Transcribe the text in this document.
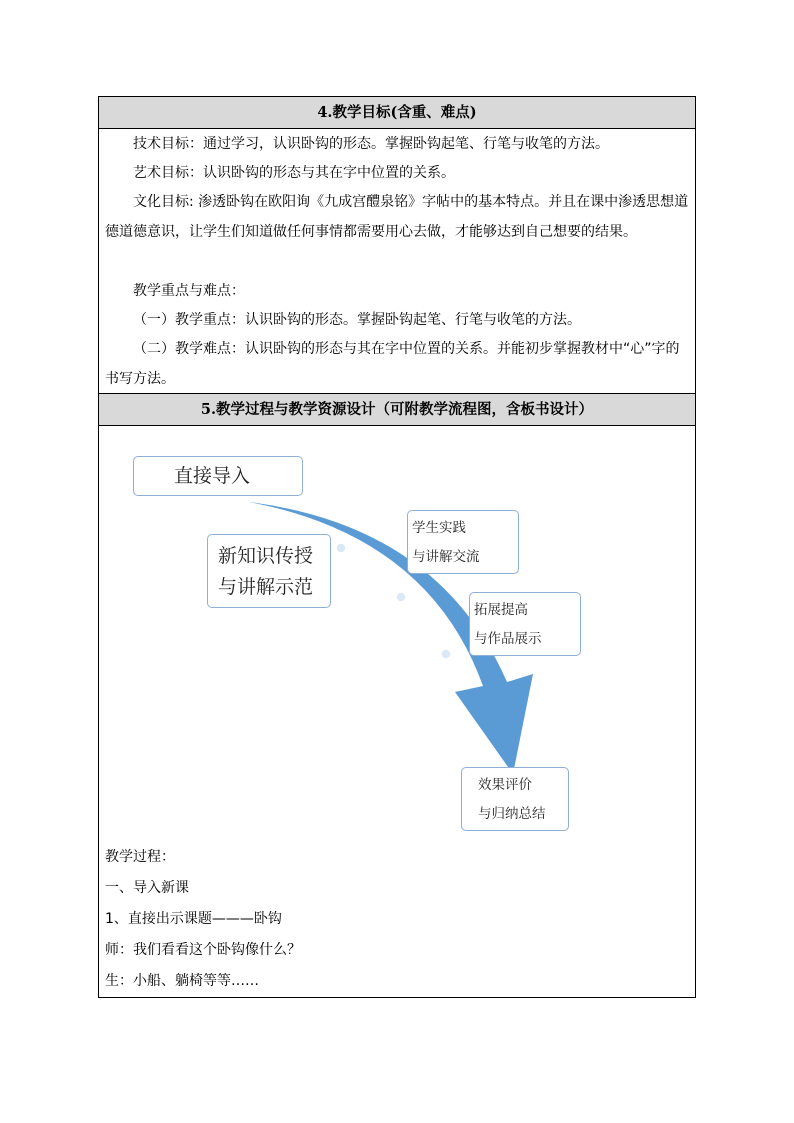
4.教学目标(含重、难点)
技术目标：通过学习，认识卧钩的形态。掌握卧钩起笔、行笔与收笔的方法。
艺术目标：认识卧钩的形态与其在字中位置的关系。
文化目标: 渗透卧钩在欧阳询《九成宫醴泉铭》字帖中的基本特点。并且在课中渗透思想道德道德意识，让学生们知道做任何事情都需要用心去做，才能够达到自己想要的结果。
教学重点与难点：
（一）教学重点：认识卧钩的形态。掌握卧钩起笔、行笔与收笔的方法。
（二）教学难点：认识卧钩的形态与其在字中位置的关系。并能初步掌握教材中“心”字的书写方法。
5.教学过程与教学资源设计（可附教学流程图，含板书设计）
直接导入
新知识传授
与讲解示范
学生实践
与讲解交流
拓展提高
与作品展示
效果评价
与归纳总结
教学过程：
一、导入新课
1、直接出示课题———卧钩
师：我们看看这个卧钩像什么？
生：小船、躺椅等等……
